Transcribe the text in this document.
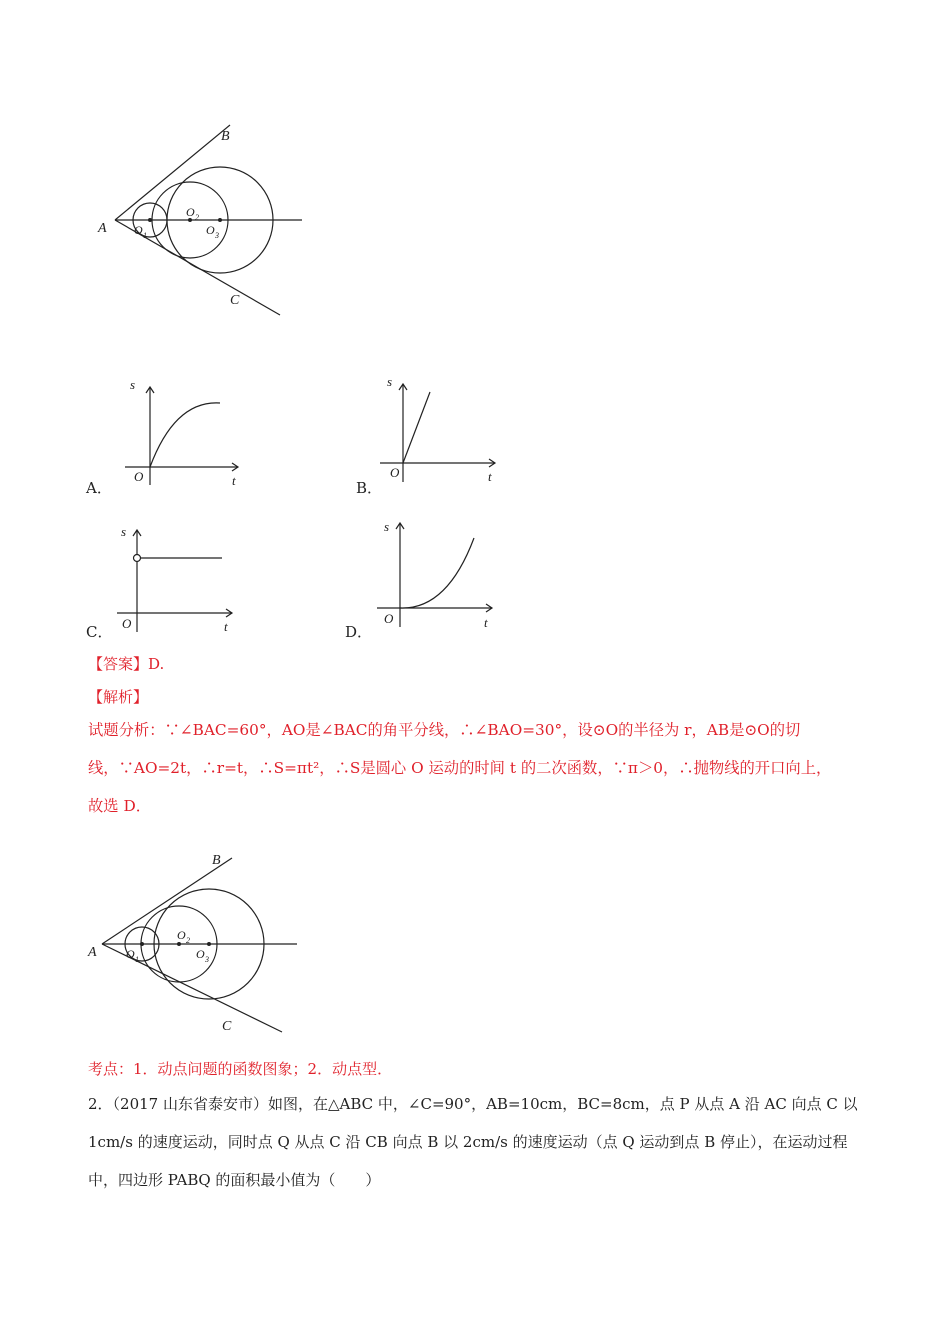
A
B
C
O 1
O 2
O 3
A．
s
t
O
B．
s
t
O
C．
s
t
O	D．
s
t
O
【答案】D.
【解析】
试题分析：∵∠BAC=60°，AO是∠BAC的角平分线，∴∠BAO=30°，设⊙O的半径为 r，AB是⊙O的切
线，∵AO=2t，∴r=t，∴S=πt²，∴S是圆心 O 运动的时间 t 的二次函数，∵π＞0，∴抛物线的开口向上，
故选 D．
A
B
C
O 1
O 2
O 3
考点：1．动点问题的函数图象；2．动点型．
2．（2017 山东省泰安市）如图，在△ABC 中，∠C=90°，AB=10cm，BC=8cm，点 P 从点 A 沿 AC 向点 C 以
1cm/s 的速度运动，同时点 Q 从点 C 沿 CB 向点 B 以 2cm/s 的速度运动（点 Q 运动到点 B 停止），在运动过程
中，四边形 PABQ 的面积最小值为（　　）
